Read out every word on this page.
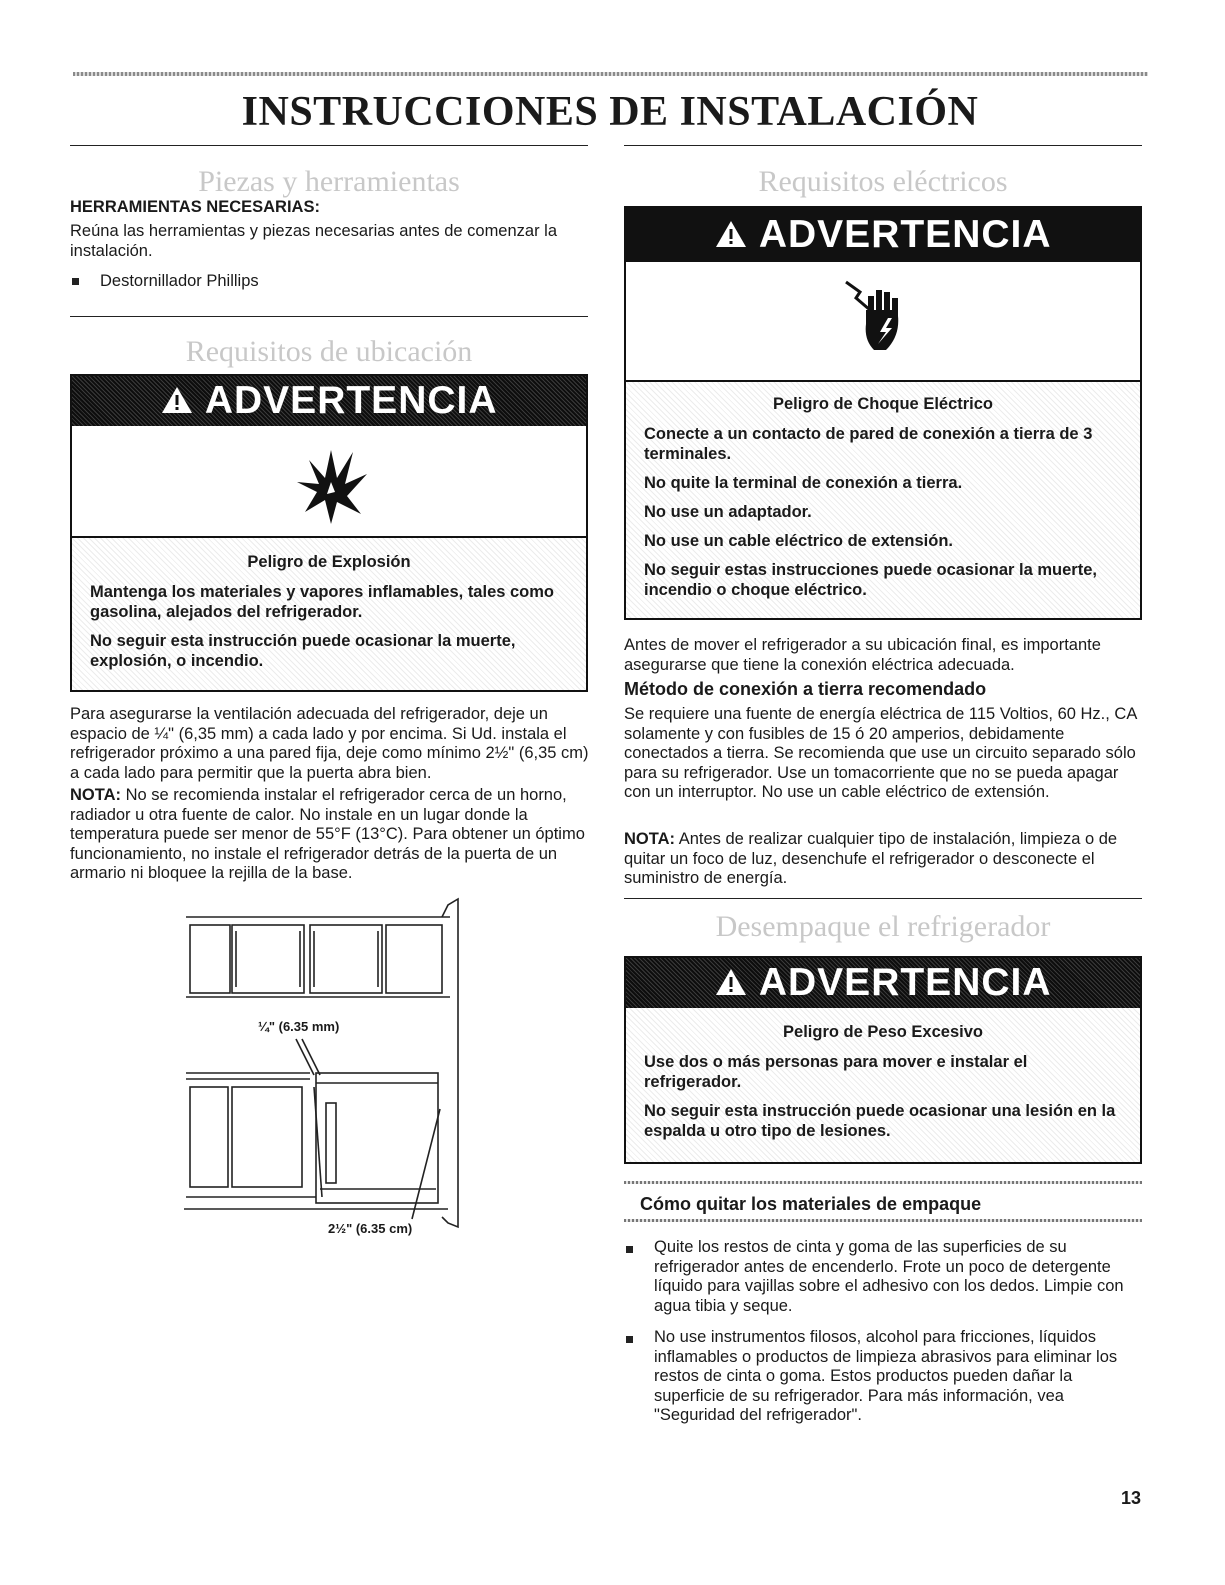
INSTRUCCIONES DE INSTALACIÓN
Piezas y herramientas
HERRAMIENTAS NECESARIAS:
Reúna las herramientas y piezas necesarias antes de comenzar la instalación.
Destornillador Phillips
Requisitos de ubicación
ADVERTENCIA
Peligro de Explosión

Mantenga los materiales y vapores inflamables, tales como gasolina, alejados del refrigerador.

No seguir esta instrucción puede ocasionar la muerte, explosión, o incendio.

Para asegurarse la ventilación adecuada del refrigerador, deje un espacio de ¼" (6,35 mm) a cada lado y por encima. Si Ud. instala el refrigerador próximo a una pared fija, deje como mínimo 2½" (6,35 cm) a cada lado para permitir que la puerta abra bien.
NOTA: No se recomienda instalar el refrigerador cerca de un horno, radiador u otra fuente de calor. No instale en un lugar donde la temperatura puede ser menor de 55°F (13°C). Para obtener un óptimo funcionamiento, no instale el refrigerador detrás de la puerta de un armario ni bloquee la rejilla de la base.
¼" (6.35 mm)
2½" (6.35 cm)
Requisitos eléctricos
ADVERTENCIA
Peligro de Choque Eléctrico

Conecte a un contacto de pared de conexión a tierra de 3 terminales.

No quite la terminal de conexión a tierra.

No use un adaptador.

No use un cable eléctrico de extensión.

No seguir estas instrucciones puede ocasionar la muerte, incendio o choque eléctrico.

Antes de mover el refrigerador a su ubicación final, es importante asegurarse que tiene la conexión eléctrica adecuada.
Método de conexión a tierra recomendado
Se requiere una fuente de energía eléctrica de 115 Voltios, 60 Hz., CA solamente y con fusibles de 15 ó 20 amperios, debidamente conectados a tierra. Se recomienda que use un circuito separado sólo para su refrigerador. Use un tomacorriente que no se pueda apagar con un interruptor. No use un cable eléctrico de extensión.
NOTA: Antes de realizar cualquier tipo de instalación, limpieza o de quitar un foco de luz, desenchufe el refrigerador o desconecte el suministro de energía.
Desempaque el refrigerador
ADVERTENCIA
Peligro de Peso Excesivo

Use dos o más personas para mover e instalar el refrigerador.

No seguir esta instrucción puede ocasionar una lesión en la espalda u otro tipo de lesiones.

Cómo quitar los materiales de empaque
Quite los restos de cinta y goma de las superficies de su refrigerador antes de encenderlo. Frote un poco de detergente líquido para vajillas sobre el adhesivo con los dedos. Limpie con agua tibia y seque.
No use instrumentos filosos, alcohol para fricciones, líquidos inflamables o productos de limpieza abrasivos para eliminar los restos de cinta o goma. Estos productos pueden dañar la superficie de su refrigerador. Para más información, vea "Seguridad del refrigerador".
13
